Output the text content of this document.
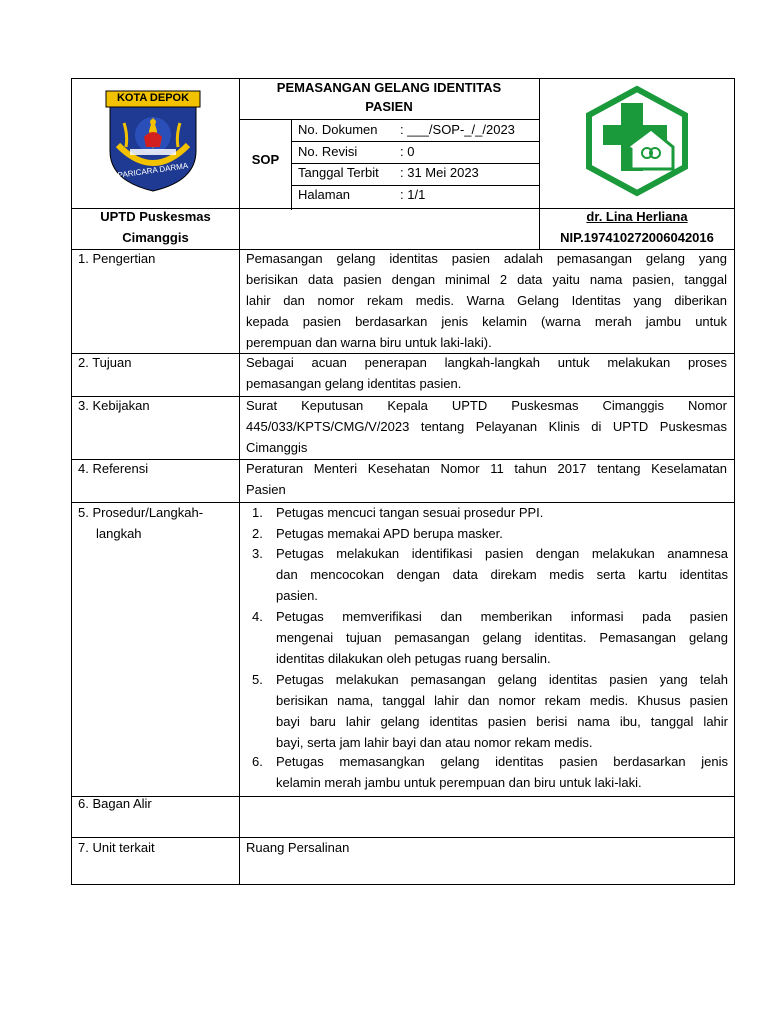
KOTA DEPOK
PARICARA DARMA
PEMASANGAN GELANG IDENTITAS
PASIEN
SOP
No. Dokumen : ___/SOP-_/_/2023
No. Revisi	: 0
Tanggal Terbit : 31 Mei 2023
Halaman	: 1/1
UPTD Puskesmas
Cimanggis
dr. Lina Herliana
NIP.197410272006042016
1. Pengertian	Pemasangan gelang identitas pasien adalah pemasangan gelang yang
berisikan data pasien dengan minimal 2 data yaitu nama pasien, tanggal
lahir dan nomor rekam medis. Warna Gelang Identitas yang diberikan
kepada pasien berdasarkan jenis kelamin (warna merah jambu untuk
perempuan dan warna biru untuk laki-laki).
2. Tujuan	Sebagai acuan penerapan langkah-langkah untuk melakukan proses
pemasangan gelang identitas pasien.
3. Kebijakan	Surat Keputusan Kepala UPTD Puskesmas Cimanggis Nomor
445/033/KPTS/CMG/V/2023 tentang Pelayanan Klinis di UPTD Puskesmas
Cimanggis
4. Referensi	Peraturan Menteri Kesehatan Nomor 11 tahun 2017 tentang Keselamatan
Pasien
5. Prosedur/Langkah-
langkah
1.	Petugas mencuci tangan sesuai prosedur PPI.
2.	Petugas memakai APD berupa masker.
3.	Petugas melakukan identifikasi pasien dengan melakukan anamnesa
dan mencocokan dengan data direkam medis serta kartu identitas
pasien.
4.	Petugas memverifikasi dan memberikan informasi pada pasien
mengenai tujuan pemasangan gelang identitas. Pemasangan gelang
identitas dilakukan oleh petugas ruang bersalin.
5.	Petugas melakukan pemasangan gelang identitas pasien yang telah
berisikan nama, tanggal lahir dan nomor rekam medis. Khusus pasien
bayi baru lahir gelang identitas pasien berisi nama ibu, tanggal lahir
bayi, serta jam lahir bayi dan atau nomor rekam medis.
6.	Petugas memasangkan gelang identitas pasien berdasarkan jenis
kelamin merah jambu untuk perempuan dan biru untuk laki-laki.
6. Bagan Alir
7. Unit terkait	Ruang Persalinan
